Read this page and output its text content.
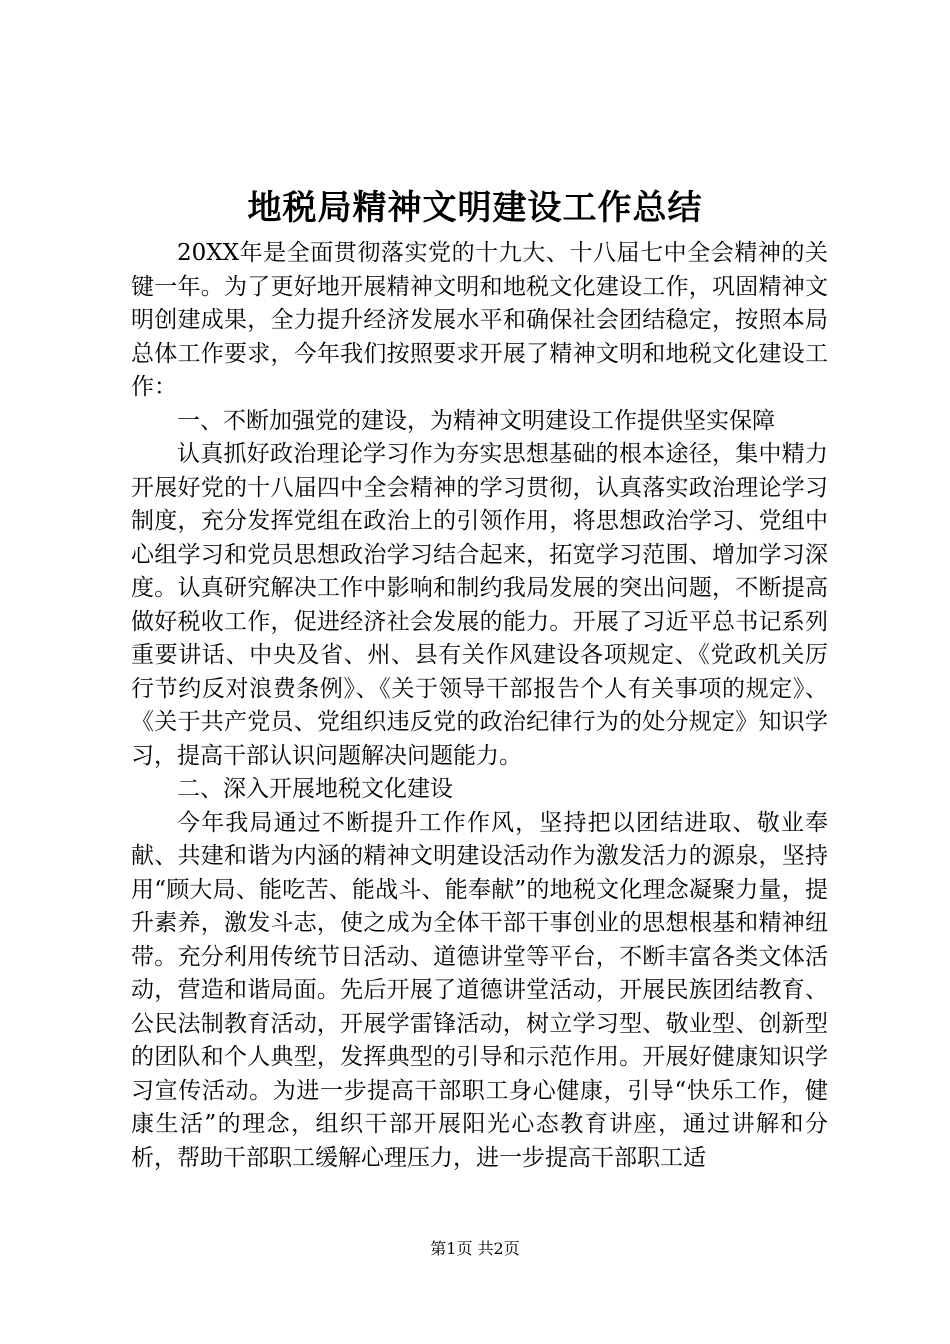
地税局精神文明建设工作总结

20XX年是全面贯彻落实党的十九大、十八届七中全会精神的关键一年。为了更好地开展精神文明和地税文化建设工作，巩固精神文明创建成果，全力提升经济发展水平和确保社会团结稳定，按照本局总体工作要求，今年我们按照要求开展了精神文明和地税文化建设工作：

一、不断加强党的建设，为精神文明建设工作提供坚实保障

认真抓好政治理论学习作为夯实思想基础的根本途径，集中精力开展好党的十八届四中全会精神的学习贯彻，认真落实政治理论学习制度，充分发挥党组在政治上的引领作用，将思想政治学习、党组中心组学习和党员思想政治学习结合起来，拓宽学习范围、增加学习深度。认真研究解决工作中影响和制约我局发展的突出问题，不断提高做好税收工作，促进经济社会发展的能力。开展了习近平总书记系列重要讲话、中央及省、州、县有关作风建设各项规定、《党政机关厉行节约反对浪费条例》、《关于领导干部报告个人有关事项的规定》、《关于共产党员、党组织违反党的政治纪律行为的处分规定》知识学习，提高干部认识问题解决问题能力。

二、深入开展地税文化建设

今年我局通过不断提升工作作风，坚持把以团结进取、敬业奉献、共建和谐为内涵的精神文明建设活动作为激发活力的源泉，坚持用“顾大局、能吃苦、能战斗、能奉献”的地税文化理念凝聚力量，提升素养，激发斗志，使之成为全体干部干事创业的思想根基和精神纽带。充分利用传统节日活动、道德讲堂等平台，不断丰富各类文体活动，营造和谐局面。先后开展了道德讲堂活动，开展民族团结教育、公民法制教育活动，开展学雷锋活动，树立学习型、敬业型、创新型的团队和个人典型，发挥典型的引导和示范作用。开展好健康知识学习宣传活动。为进一步提高干部职工身心健康，引导“快乐工作，健康生活”的理念，组织干部开展阳光心态教育讲座，通过讲解和分析，帮助干部职工缓解心理压力，进一步提高干部职工适

第1页 共2页
